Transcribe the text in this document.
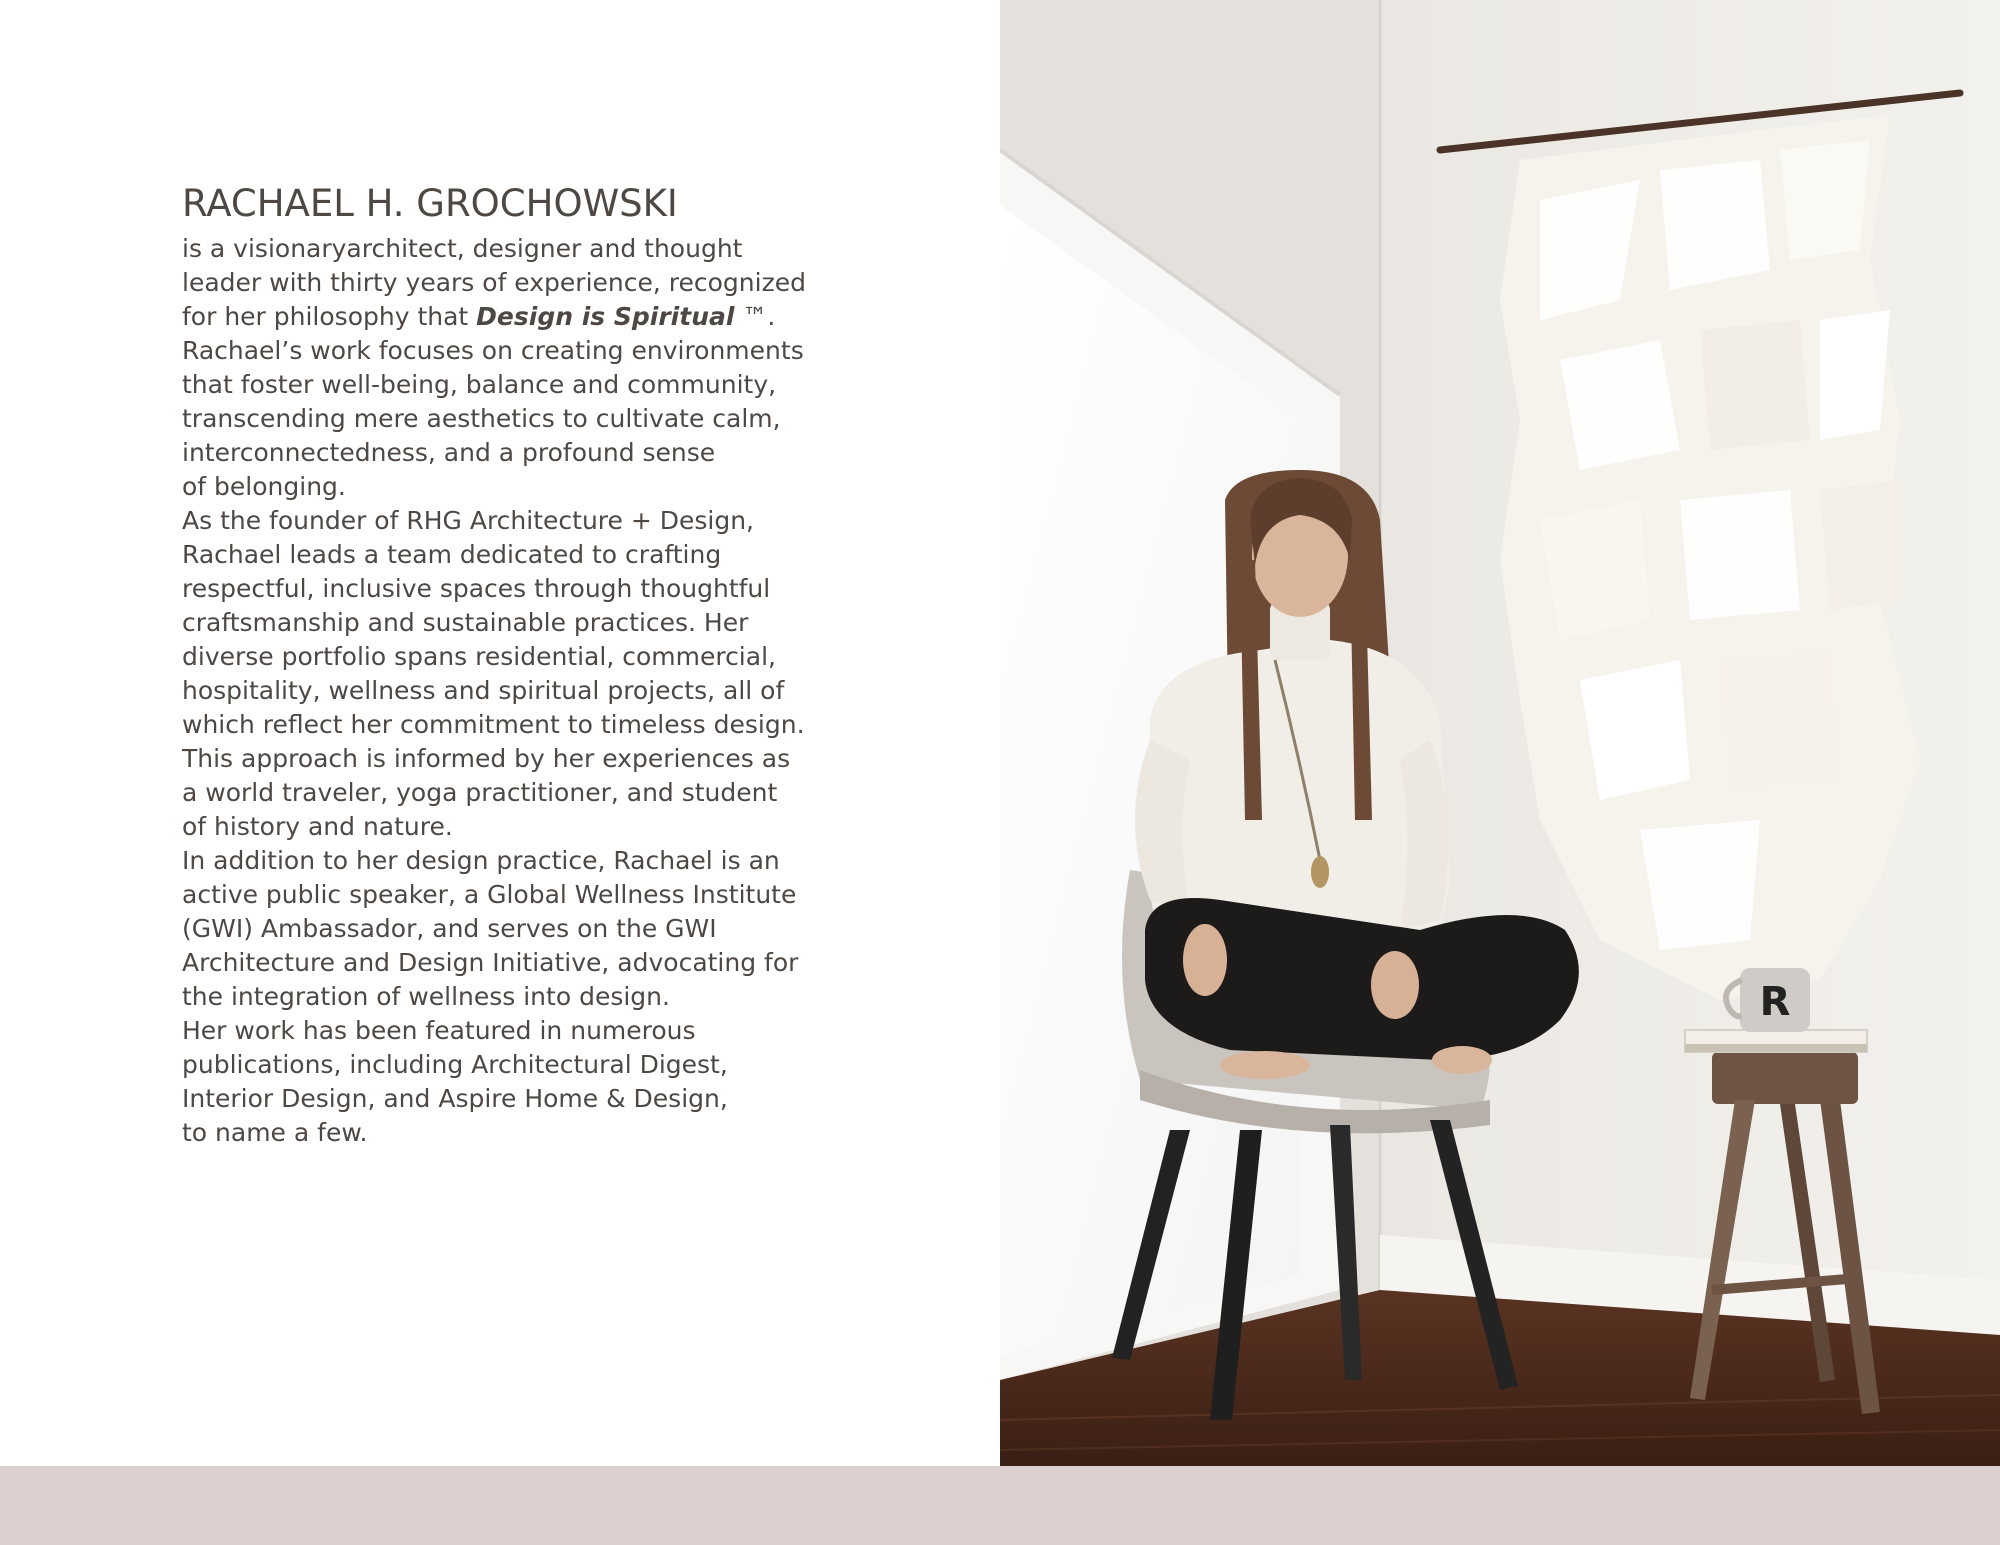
RACHAEL H. GROCHOWSKI
is a visionaryarchitect, designer and thought
leader with thirty years of experience, recognized
for her philosophy that Design is Spiritual ™.
Rachael’s work focuses on creating environments
that foster well-being, balance and community,
transcending mere aesthetics to cultivate calm,
interconnectedness, and a profound sense
of belonging.
As the founder of RHG Architecture + Design,
Rachael leads a team dedicated to crafting
respectful, inclusive spaces through thoughtful
craftsmanship and sustainable practices. Her
diverse portfolio spans residential, commercial,
hospitality, wellness and spiritual projects, all of
which reflect her commitment to timeless design.
This approach is informed by her experiences as
a world traveler, yoga practitioner, and student
of history and nature.
In addition to her design practice, Rachael is an
active public speaker, a Global Wellness Institute
(GWI) Ambassador, and serves on the GWI
Architecture and Design Initiative, advocating for
the integration of wellness into design.
Her work has been featured in numerous
publications, including Architectural Digest,
Interior Design, and Aspire Home & Design,
to name a few.
R
